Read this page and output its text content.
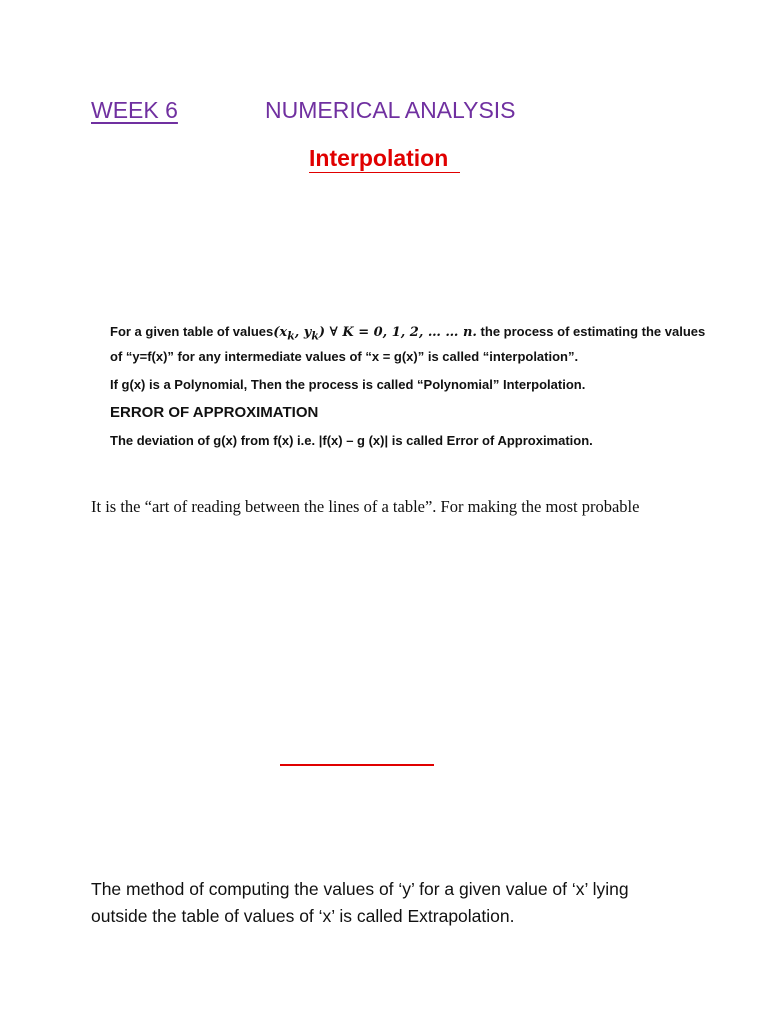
WEEK 6	NUMERICAL ANALYSIS
Interpolation
For a given table of $values(x_k$, $y_k$) ∀ K = 0, 1, 2, … … n. the process of estimating the values
of “y=f(x)” for any intermediate values of “x = g(x)” is called “interpolation”.
If g(x) is a Polynomial, Then the process is called “Polynomial” Interpolation.
ERROR OF APPROXIMATION
The deviation of g(x) from f(x) i.e. |f(x) – g (x)| is called Error of Approximation.
It is the “art of reading between the lines of a table”. For making the most probable
The method of computing the values of ‘y’ for a given value of ‘x’ lying
outside the table of values of ‘x’ is called Extrapolation.
